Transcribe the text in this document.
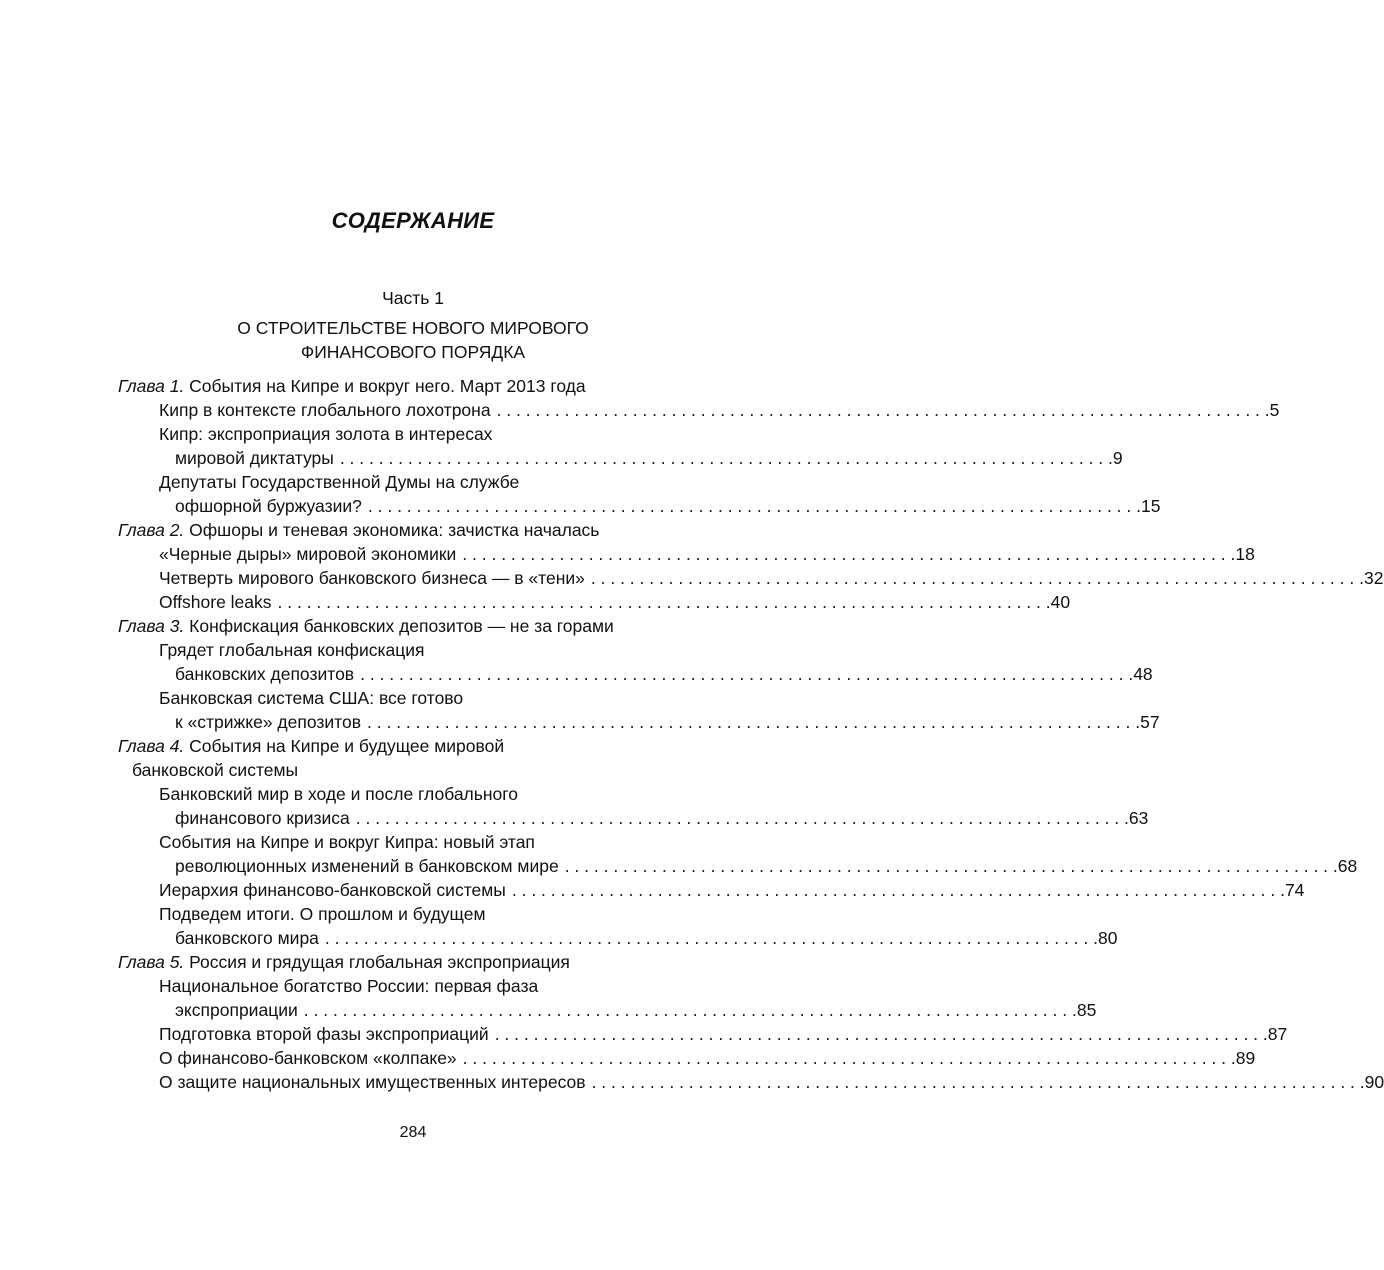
СОДЕРЖАНИЕ
Часть 1
О СТРОИТЕЛЬСТВЕ НОВОГО МИРОВОГО
ФИНАНСОВОГО ПОРЯДКА
Глава 1. События на Кипре и вокруг него. Март 2013 года
Кипр в контексте глобального лохотрона . . . . . . . . . . . . . . . . . . . . . . . . . . . . . . . . . . . . . . . . . . . . . . . . . . . . . . . . . . . . . . . . . . . . . . . . . . . . . . . . 5
Кипр: экспроприация золота в интересах
мировой диктатуры . . . . . . . . . . . . . . . . . . . . . . . . . . . . . . . . . . . . . . . . . . . . . . . . . . . . . . . . . . . . . . . . . . . . . . . . . . . . . . . . 9
Депутаты Государственной Думы на службе
офшорной буржуазии? . . . . . . . . . . . . . . . . . . . . . . . . . . . . . . . . . . . . . . . . . . . . . . . . . . . . . . . . . . . . . . . . . . . . . . . . . . . . . . . . 15
Глава 2. Офшоры и теневая экономика: зачистка началась
«Черные дыры» мировой экономики . . . . . . . . . . . . . . . . . . . . . . . . . . . . . . . . . . . . . . . . . . . . . . . . . . . . . . . . . . . . . . . . . . . . . . . . . . . . . . . . 18
Четверть мирового банковского бизнеса — в «тени» . . . . . . . . . . . . . . . . . . . . . . . . . . . . . . . . . . . . . . . . . . . . . . . . . . . . . . . . . . . . . . . . . . . . . . . . . . . . . . . . 32
Offshore leaks . . . . . . . . . . . . . . . . . . . . . . . . . . . . . . . . . . . . . . . . . . . . . . . . . . . . . . . . . . . . . . . . . . . . . . . . . . . . . . . . 40
Глава 3. Конфискация банковских депозитов — не за горами
Грядет глобальная конфискация
банковских депозитов . . . . . . . . . . . . . . . . . . . . . . . . . . . . . . . . . . . . . . . . . . . . . . . . . . . . . . . . . . . . . . . . . . . . . . . . . . . . . . . . 48
Банковская система США: все готово
к «стрижке» депозитов . . . . . . . . . . . . . . . . . . . . . . . . . . . . . . . . . . . . . . . . . . . . . . . . . . . . . . . . . . . . . . . . . . . . . . . . . . . . . . . . 57
Глава 4. События на Кипре и будущее мировой
банковской системы
Банковский мир в ходе и после глобального
финансового кризиса . . . . . . . . . . . . . . . . . . . . . . . . . . . . . . . . . . . . . . . . . . . . . . . . . . . . . . . . . . . . . . . . . . . . . . . . . . . . . . . . 63
События на Кипре и вокруг Кипра: новый этап
революционных изменений в банковском мире . . . . . . . . . . . . . . . . . . . . . . . . . . . . . . . . . . . . . . . . . . . . . . . . . . . . . . . . . . . . . . . . . . . . . . . . . . . . . . . . 68
Иерархия финансово-банковской системы . . . . . . . . . . . . . . . . . . . . . . . . . . . . . . . . . . . . . . . . . . . . . . . . . . . . . . . . . . . . . . . . . . . . . . . . . . . . . . . . 74
Подведем итоги. О прошлом и будущем
банковского мира . . . . . . . . . . . . . . . . . . . . . . . . . . . . . . . . . . . . . . . . . . . . . . . . . . . . . . . . . . . . . . . . . . . . . . . . . . . . . . . . 80
Глава 5. Россия и грядущая глобальная экспроприация
Национальное богатство России: первая фаза
экспроприации . . . . . . . . . . . . . . . . . . . . . . . . . . . . . . . . . . . . . . . . . . . . . . . . . . . . . . . . . . . . . . . . . . . . . . . . . . . . . . . . 85
Подготовка второй фазы экспроприаций . . . . . . . . . . . . . . . . . . . . . . . . . . . . . . . . . . . . . . . . . . . . . . . . . . . . . . . . . . . . . . . . . . . . . . . . . . . . . . . . 87
О финансово-банковском «колпаке» . . . . . . . . . . . . . . . . . . . . . . . . . . . . . . . . . . . . . . . . . . . . . . . . . . . . . . . . . . . . . . . . . . . . . . . . . . . . . . . . 89
О защите национальных имущественных интересов . . . . . . . . . . . . . . . . . . . . . . . . . . . . . . . . . . . . . . . . . . . . . . . . . . . . . . . . . . . . . . . . . . . . . . . . . . . . . . . . 90
284
